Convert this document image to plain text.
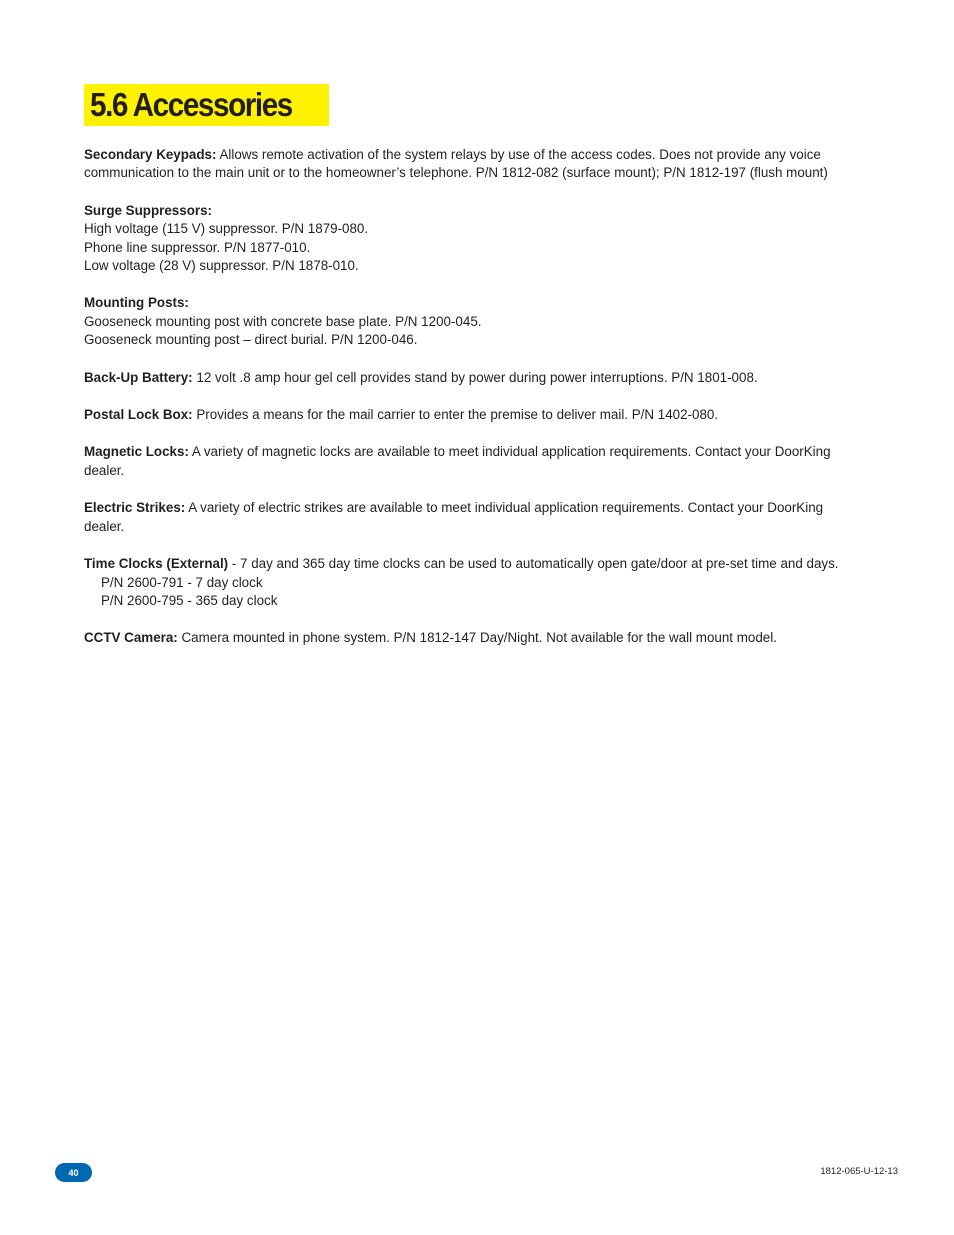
5.6 Accessories

Secondary Keypads: Allows remote activation of the system relays by use of the access codes. Does not provide any voice
communication to the main unit or to the homeowner’s telephone. P/N 1812-082 (surface mount); P/N 1812-197 (flush mount)

Surge Suppressors:
High voltage (115 V) suppressor. P/N 1879-080.
Phone line suppressor. P/N 1877-010.
Low voltage (28 V) suppressor. P/N 1878-010.

Mounting Posts:
Gooseneck mounting post with concrete base plate. P/N 1200-045.
Gooseneck mounting post – direct burial. P/N 1200-046.

Back-Up Battery: 12 volt .8 amp hour gel cell provides stand by power during power interruptions. P/N 1801-008.

Postal Lock Box: Provides a means for the mail carrier to enter the premise to deliver mail. P/N 1402-080.

Magnetic Locks: A variety of magnetic locks are available to meet individual application requirements. Contact your DoorKing
dealer.

Electric Strikes: A variety of electric strikes are available to meet individual application requirements. Contact your DoorKing
dealer.

Time Clocks (External) - 7 day and 365 day time clocks can be used to automatically open gate/door at pre-set time and days.
P/N 2600-791 - 7 day clock
P/N 2600-795 - 365 day clock

CCTV Camera: Camera mounted in phone system. P/N 1812-147 Day/Night. Not available for the wall mount model.

40	1812-065-U-12-13
